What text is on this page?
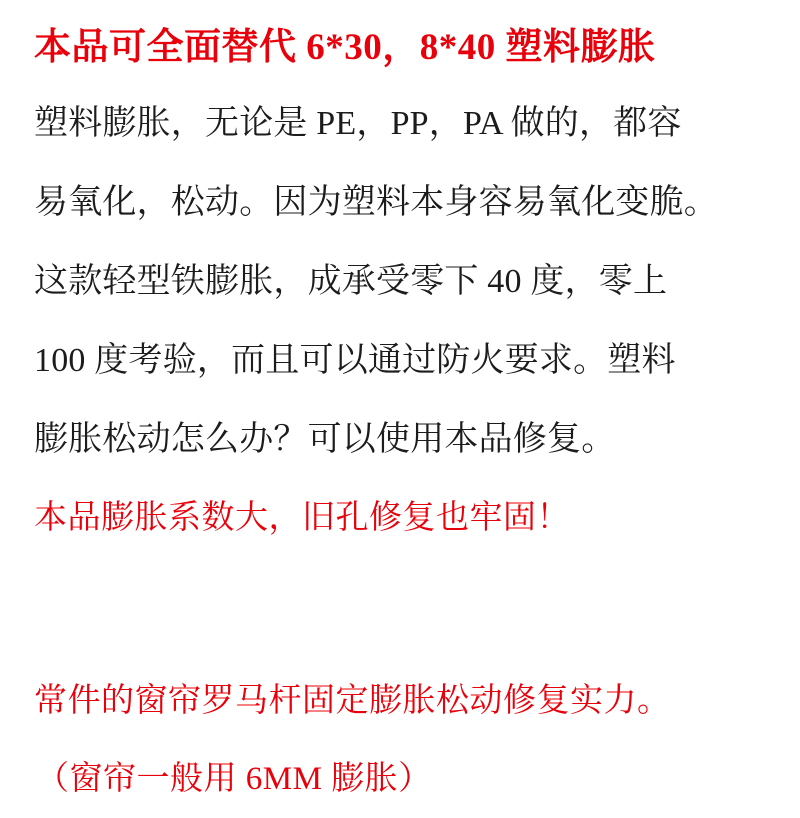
本品可全面替代 6*30，8*40 塑料膨胀
塑料膨胀，无论是 PE，PP，PA 做的，都容
易氧化，松动。因为塑料本身容易氧化变脆。
这款轻型铁膨胀，成承受零下 40 度，零上
100 度考验，而且可以通过防火要求。塑料
膨胀松动怎么办？可以使用本品修复。
本品膨胀系数大，旧孔修复也牢固！
常件的窗帘罗马杆固定膨胀松动修复实力。
（窗帘一般用 6MM 膨胀）
